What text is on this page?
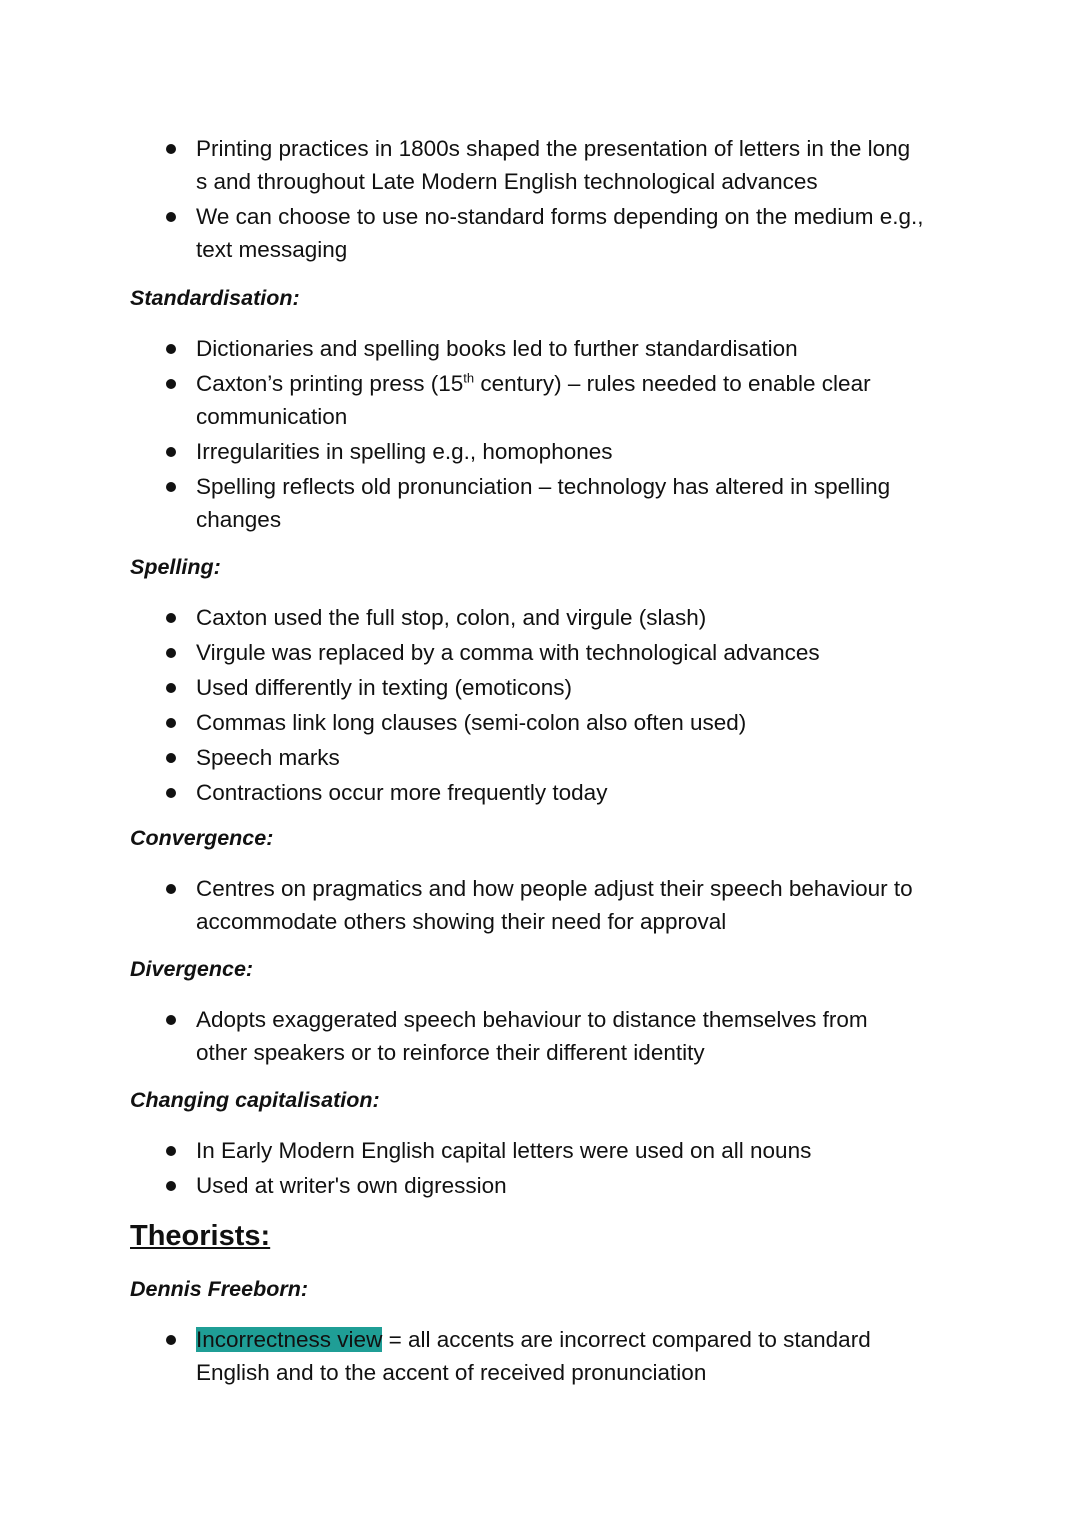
Printing practices in 1800s shaped the presentation of letters in the long
s and throughout Late Modern English technological advances
We can choose to use no-standard forms depending on the medium e.g.,
text messaging

Standardisation:

Dictionaries and spelling books led to further standardisation
Caxton’s printing press (15th century) – rules needed to enable clear
communication
Irregularities in spelling e.g., homophones
Spelling reflects old pronunciation – technology has altered in spelling
changes

Spelling:

Caxton used the full stop, colon, and virgule (slash)
Virgule was replaced by a comma with technological advances
Used differently in texting (emoticons)
Commas link long clauses (semi-colon also often used)
Speech marks
Contractions occur more frequently today

Convergence:

Centres on pragmatics and how people adjust their speech behaviour to
accommodate others showing their need for approval

Divergence:

Adopts exaggerated speech behaviour to distance themselves from
other speakers or to reinforce their different identity

Changing capitalisation:

In Early Modern English capital letters were used on all nouns
Used at writer's own digression

Theorists:

Dennis Freeborn:

Incorrectness view = all accents are incorrect compared to standard
English and to the accent of received pronunciation
